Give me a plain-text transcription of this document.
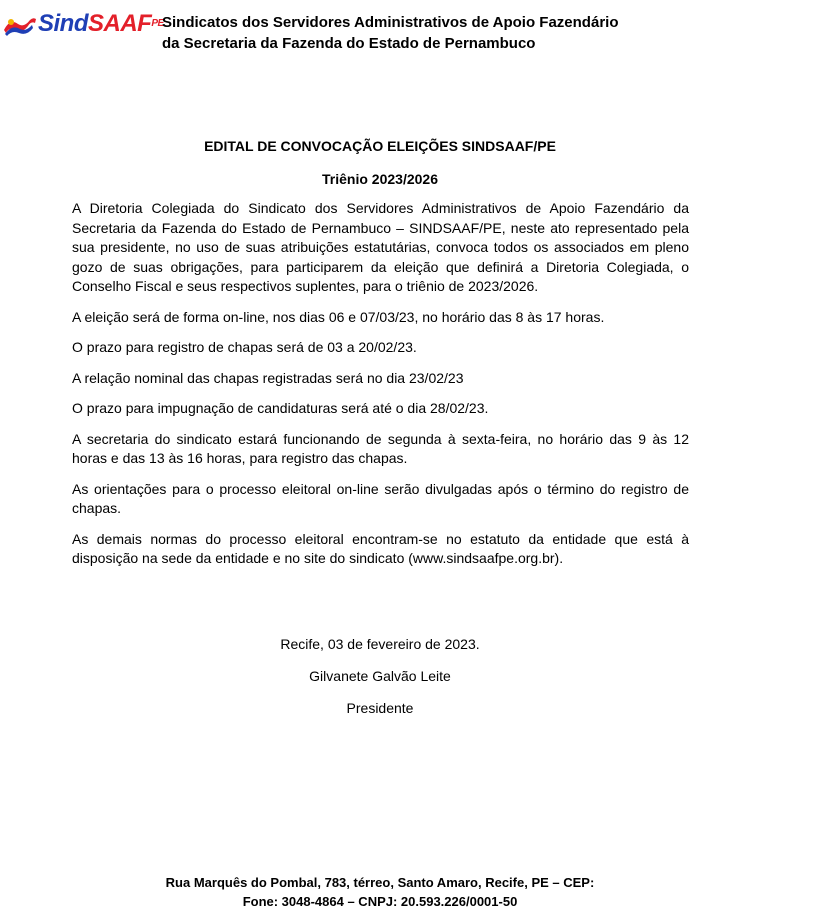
SindSAAFPE
Sindicatos dos Servidores Administrativos de Apoio Fazendário da Secretaria da Fazenda do Estado de Pernambuco
EDITAL DE CONVOCAÇÃO ELEIÇÕES SINDSAAF/PE
Triênio 2023/2026

A Diretoria Colegiada do Sindicato dos Servidores Administrativos de Apoio Fazendário da Secretaria da Fazenda do Estado de Pernambuco – SINDSAAF/PE, neste ato representado pela sua presidente, no uso de suas atribuições estatutárias, convoca todos os associados em pleno gozo de suas obrigações, para participarem da eleição que definirá a Diretoria Colegiada, o Conselho Fiscal e seus respectivos suplentes, para o triênio de 2023/2026.

A eleição será de forma on-line, nos dias 06 e 07/03/23, no horário das 8 às 17 horas.

O prazo para registro de chapas será de 03 a 20/02/23.

A relação nominal das chapas registradas será no dia 23/02/23

O prazo para impugnação de candidaturas será até o dia 28/02/23.

A secretaria do sindicato estará funcionando de segunda à sexta-feira, no horário das 9 às 12 horas e das 13 às 16 horas, para registro das chapas.

As orientações para o processo eleitoral on-line serão divulgadas após o término do registro de chapas.

As demais normas do processo eleitoral encontram-se no estatuto da entidade que está à disposição na sede da entidade e no site do sindicato (www.sindsaafpe.org.br).

Recife, 03 de fevereiro de 2023.
Gilvanete Galvão Leite
Presidente
Rua Marquês do Pombal, 783, térreo, Santo Amaro, Recife, PE – CEP:
Fone: 3048-4864 – CNPJ: 20.593.226/0001-50
